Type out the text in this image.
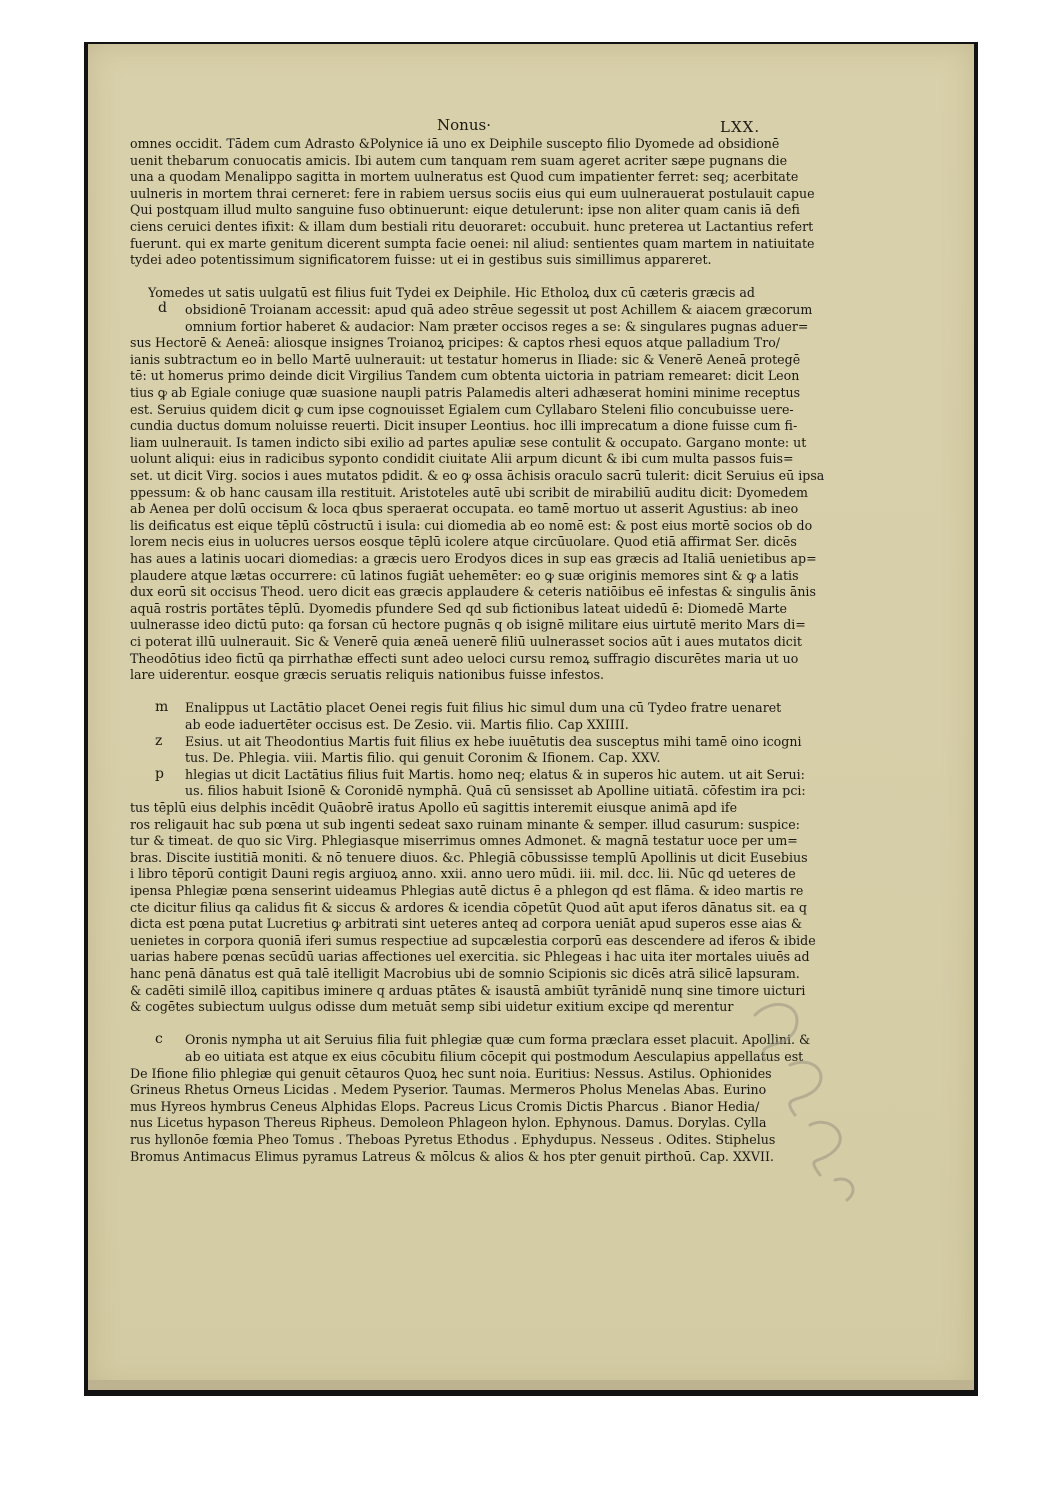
Nonus·	LXX.
omnes occidit. Tādem cum Adrasto &Polynice iā uno ex Deiphile suscepto filio Dyomede ad obsidionē
uenit thebarum conuocatis amicis. Ibi autem cum tanquam rem suam ageret acriter sæpe pugnans die
una a quodam Menalippo sagitta in mortem uulneratus est Quod cum impatienter ferret: seq; acerbitate
uulneris in mortem thrai cerneret: fere in rabiem uersus sociis eius qui eum uulnerauerat postulauit capue
Qui postquam illud multo sanguine fuso obtinuerunt: eique detulerunt: ipse non aliter quam canis iā defi
ciens ceruici dentes ifixit: & illam dum bestiali ritu deuoraret: occubuit. hunc preterea ut Lactantius refert
fuerunt. qui ex marte genitum dicerent sumpta facie oenei: nil aliud: sentientes quam martem in natiuitate
tydei adeo potentissimum significatorem fuisse: ut ei in gestibus suis simillimus appareret.
d
Yomedes ut satis uulgatū est filius fuit Tydei ex Deiphile. Hic Etholoꝝ dux cū cæteris græcis ad
obsidionē Troianam accessit: apud quā adeo strēue segessit ut post Achillem & aiacem græcorum
omnium fortior haberet & audacior: Nam præter occisos reges a se: & singulares pugnas aduer=
sus Hectorē & Aeneā: aliosque insignes Troianoꝝ pricipes: & captos rhesi equos atque palladium Tro/
ianis subtractum eo in bello Martē uulnerauit: ut testatur homerus in Iliade: sic & Venerē Aeneā protegē
tē: ut homerus primo deinde dicit Virgilius Tandem cum obtenta uictoria in patriam remearet: dicit Leon
tius ꝙ ab Egiale coniuge quæ suasione naupli patris Palamedis alteri adhæserat homini minime receptus
est. Seruius quidem dicit ꝙ cum ipse cognouisset Egialem cum Cyllabaro Steleni filio concubuisse uere-
cundia ductus domum noluisse reuerti. Dicit insuper Leontius. hoc illi imprecatum a dione fuisse cum fi-
liam uulnerauit. Is tamen indicto sibi exilio ad partes apuliæ sese contulit & occupato. Gargano monte: ut
uolunt aliqui: eius in radicibus syponto condidit ciuitate Alii arpum dicunt & ibi cum multa passos fuis=
set. ut dicit Virg. socios i aues mutatos pdidit. & eo ꝙ ossa āchisis oraculo sacrū tulerit: dicit Seruius eū ipsa
ppessum: & ob hanc causam illa restituit. Aristoteles autē ubi scribit de mirabiliū auditu dicit: Dyomedem
ab Aenea per dolū occisum & loca qbus speraerat occupata. eo tamē mortuo ut asserit Agustius: ab ineo
lis deificatus est eique tēplū cōstructū i isula: cui diomedia ab eo nomē est: & post eius mortē socios ob do
lorem necis eius in uolucres uersos eosque tēplū icolere atque circūuolare. Quod etiā affirmat Ser. dicēs
has aues a latinis uocari diomedias: a græcis uero Erodyos dices in sup eas græcis ad Italiā uenietibus ap=
plaudere atque lætas occurrere: cū latinos fugiāt uehemēter: eo ꝙ suæ originis memores sint & ꝙ a latis
dux eorū sit occisus Theod. uero dicit eas græcis applaudere & ceteris natiōibus eē infestas & singulis ānis
aquā rostris portātes tēplū. Dyomedis pfundere Sed qd sub fictionibus lateat uidedū ē: Diomedē Marte
uulnerasse ideo dictū puto: qa forsan cū hectore pugnās q ob isignē militare eius uirtutē merito Mars di=
ci poterat illū uulnerauit. Sic & Venerē quia æneā uenerē filiū uulnerasset socios aūt i aues mutatos dicit
Theodōtius ideo fictū qa pirrhathæ effecti sunt adeo ueloci cursu remoꝝ suffragio discurētes maria ut uo
lare uiderentur. eosque græcis seruatis reliquis nationibus fuisse infestos.
m Enalippus ut Lactātio placet Oenei regis fuit filius hic simul dum una cū Tydeo fratre uenaret
ab eode iaduertēter occisus est. De Zesio. vii. Martis filio. Cap XXIIII.
z Esius. ut ait Theodontius Martis fuit filius ex hebe iuuētutis dea susceptus mihi tamē oino icogni
tus. De. Phlegia. viii. Martis filio. qui genuit Coronim & Ifionem. Cap. XXV.
p hlegias ut dicit Lactātius filius fuit Martis. homo neq; elatus & in superos hic autem. ut ait Serui:
us. filios habuit Isionē & Coronidē nymphā. Quā cū sensisset ab Apolline uitiatā. cōfestim ira pci:
tus tēplū eius delphis incēdit Quāobrē iratus Apollo eū sagittis interemit eiusque animā apd ife
ros religauit hac sub pœna ut sub ingenti sedeat saxo ruinam minante & semper. illud casurum: suspice:
tur & timeat. de quo sic Virg. Phlegiasque miserrimus omnes Admonet. & magnā testatur uoce per um=
bras. Discite iustitiā moniti. & nō tenuere diuos. &c. Phlegiā cōbussisse templū Apollinis ut dicit Eusebius
i libro tēporū contigit Dauni regis argiuoꝝ anno. xxii. anno uero mūdi. iii. mil. dcc. lii. Nūc qd ueteres de
ipensa Phlegiæ pœna senserint uideamus Phlegias autē dictus ē a phlegon qd est flāma. & ideo martis re
cte dicitur filius qa calidus fit & siccus & ardores & icendia cōpetūt Quod aūt aput iferos dānatus sit. ea q
dicta est pœna putat Lucretius ꝙ arbitrati sint ueteres anteq ad corpora ueniāt apud superos esse aias &
uenietes in corpora quoniā iferi sumus respectiue ad supcælestia corporū eas descendere ad iferos & ibide
uarias habere pœnas secūdū uarias affectiones uel exercitia. sic Phlegeas i hac uita iter mortales uiuēs ad
hanc penā dānatus est quā talē itelligit Macrobius ubi de somnio Scipionis sic dicēs atrā silicē lapsuram.
& cadēti similē illoꝝ capitibus iminere q arduas ptātes & isaustā ambiūt tyrānidē nunq sine timore uicturi
& cogētes subiectum uulgus odisse dum metuāt semp sibi uidetur exitium excipe qd merentur
c Oronis nympha ut ait Seruius filia fuit phlegiæ quæ cum forma præclara esset placuit. Apollini. &
ab eo uitiata est atque ex eius cōcubitu filium cōcepit qui postmodum Aesculapius appellatus est
De Ifione filio phlegiæ qui genuit cētauros Quoꝝ hec sunt noia. Euritius: Nessus. Astilus. Ophionides
Grineus Rhetus Orneus Licidas . Medem Pyserior. Taumas. Mermeros Pholus Menelas Abas. Eurino
mus Hyreos hymbrus Ceneus Alphidas Elops. Pacreus Licus Cromis Dictis Pharcus . Bianor Hedia/
nus Licetus hypason Thereus Ripheus. Demoleon Phlageon hylon. Ephynous. Damus. Dorylas. Cylla
rus hyllonōe fœmia Pheo Tomus . Theboas Pyretus Ethodus . Ephydupus. Nesseus . Odites. Stiphelus
Bromus Antimacus Elimus pyramus Latreus & mōlcus & alios & hos pter genuit pirthoū. Cap. XXVII.
